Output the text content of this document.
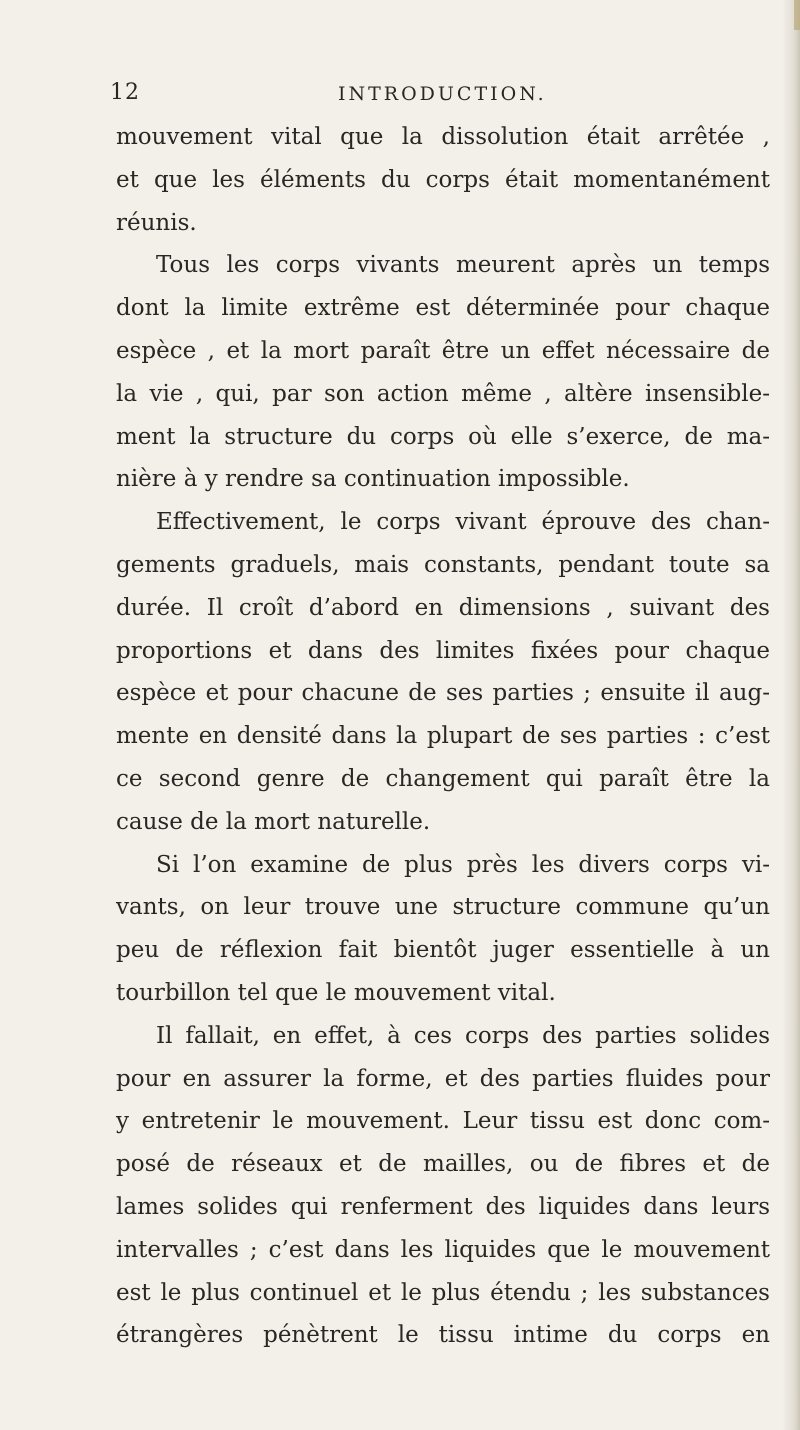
12	INTRODUCTION.
mouvement vital que la dissolution était arrêtée ,
et que les éléments du corps était momentanément
réunis.
Tous les corps vivants meurent après un temps
dont la limite extrême est déterminée pour chaque
espèce , et la mort paraît être un effet nécessaire de
la vie , qui, par son action même , altère insensible-
ment la structure du corps où elle s’exerce, de ma-
nière à y rendre sa continuation impossible.
Effectivement, le corps vivant éprouve des chan-
gements graduels, mais constants, pendant toute sa
durée. Il croît d’abord en dimensions , suivant des
proportions et dans des limites fixées pour chaque
espèce et pour chacune de ses parties ; ensuite il aug-
mente en densité dans la plupart de ses parties : c’est
ce second genre de changement qui paraît être la
cause de la mort naturelle.
Si l’on examine de plus près les divers corps vi-
vants, on leur trouve une structure commune qu’un
peu de réflexion fait bientôt juger essentielle à un
tourbillon tel que le mouvement vital.
Il fallait, en effet, à ces corps des parties solides
pour en assurer la forme, et des parties fluides pour
y entretenir le mouvement. Leur tissu est donc com-
posé de réseaux et de mailles, ou de fibres et de
lames solides qui renferment des liquides dans leurs
intervalles ; c’est dans les liquides que le mouvement
est le plus continuel et le plus étendu ; les substances
étrangères pénètrent le tissu intime du corps en
